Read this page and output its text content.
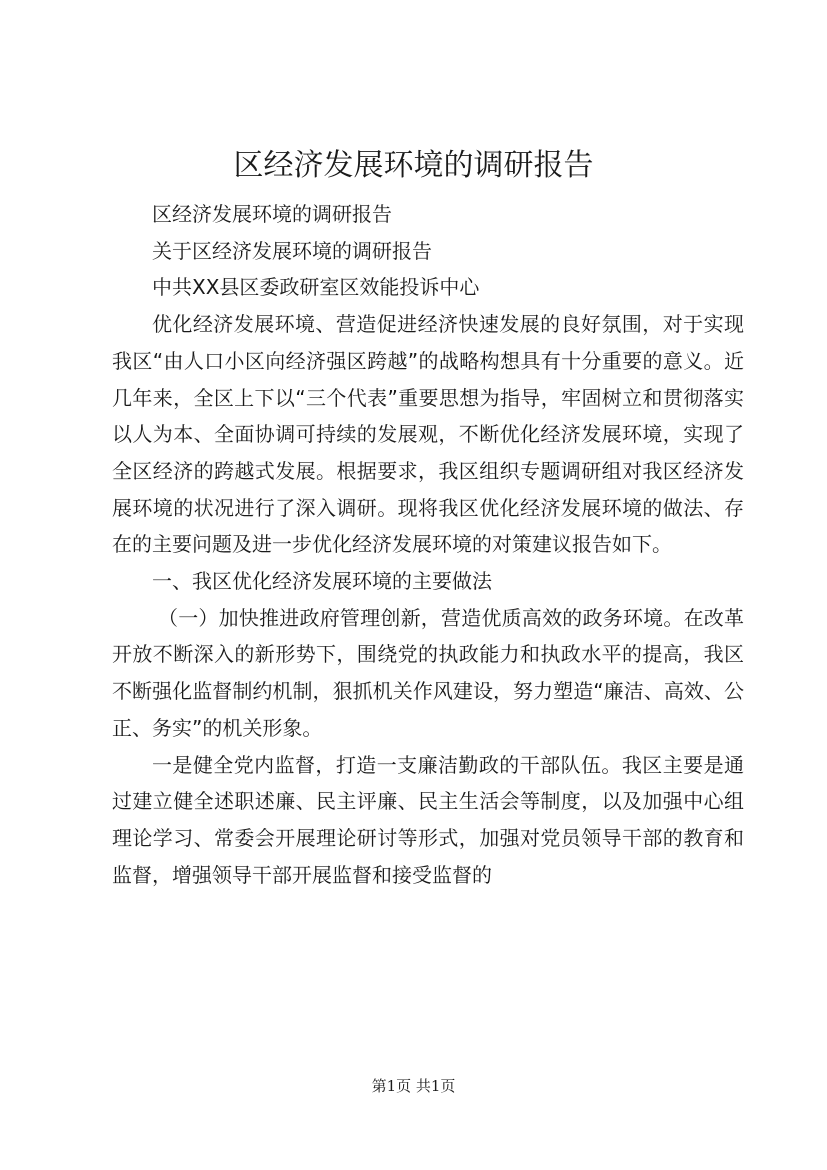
区经济发展环境的调研报告

区经济发展环境的调研报告

关于区经济发展环境的调研报告

中共XX县区委政研室区效能投诉中心

优化经济发展环境、营造促进经济快速发展的良好氛围，对于实现我区“由人口小区向经济强区跨越”的战略构想具有十分重要的意义。近几年来，全区上下以“三个代表”重要思想为指导，牢固树立和贯彻落实以人为本、全面协调可持续的发展观，不断优化经济发展环境，实现了全区经济的跨越式发展。根据要求，我区组织专题调研组对我区经济发展环境的状况进行了深入调研。现将我区优化经济发展环境的做法、存在的主要问题及进一步优化经济发展环境的对策建议报告如下。

一、我区优化经济发展环境的主要做法

（一）加快推进政府管理创新，营造优质高效的政务环境。在改革开放不断深入的新形势下，围绕党的执政能力和执政水平的提高，我区不断强化监督制约机制，狠抓机关作风建设，努力塑造“廉洁、高效、公正、务实”的机关形象。

一是健全党内监督，打造一支廉洁勤政的干部队伍。我区主要是通过建立健全述职述廉、民主评廉、民主生活会等制度，以及加强中心组理论学习、常委会开展理论研讨等形式，加强对党员领导干部的教育和监督，增强领导干部开展监督和接受监督的

第1页 共1页
